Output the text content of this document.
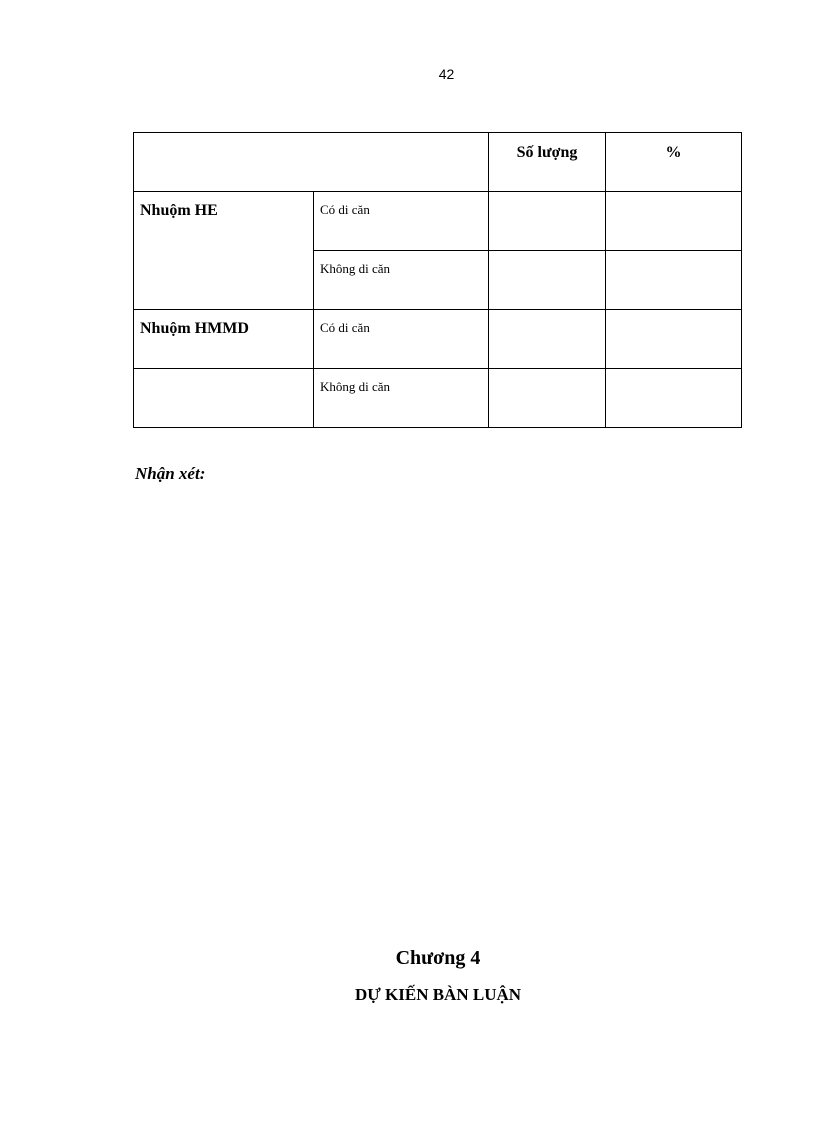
42

		Số lượng	%

Nhuộm HE	Có di căn		

	Không di căn		

Nhuộm HMMD	Có di căn		

	Không di căn		

Nhận xét:
Chương 4
DỰ KIẾN BÀN LUẬN
